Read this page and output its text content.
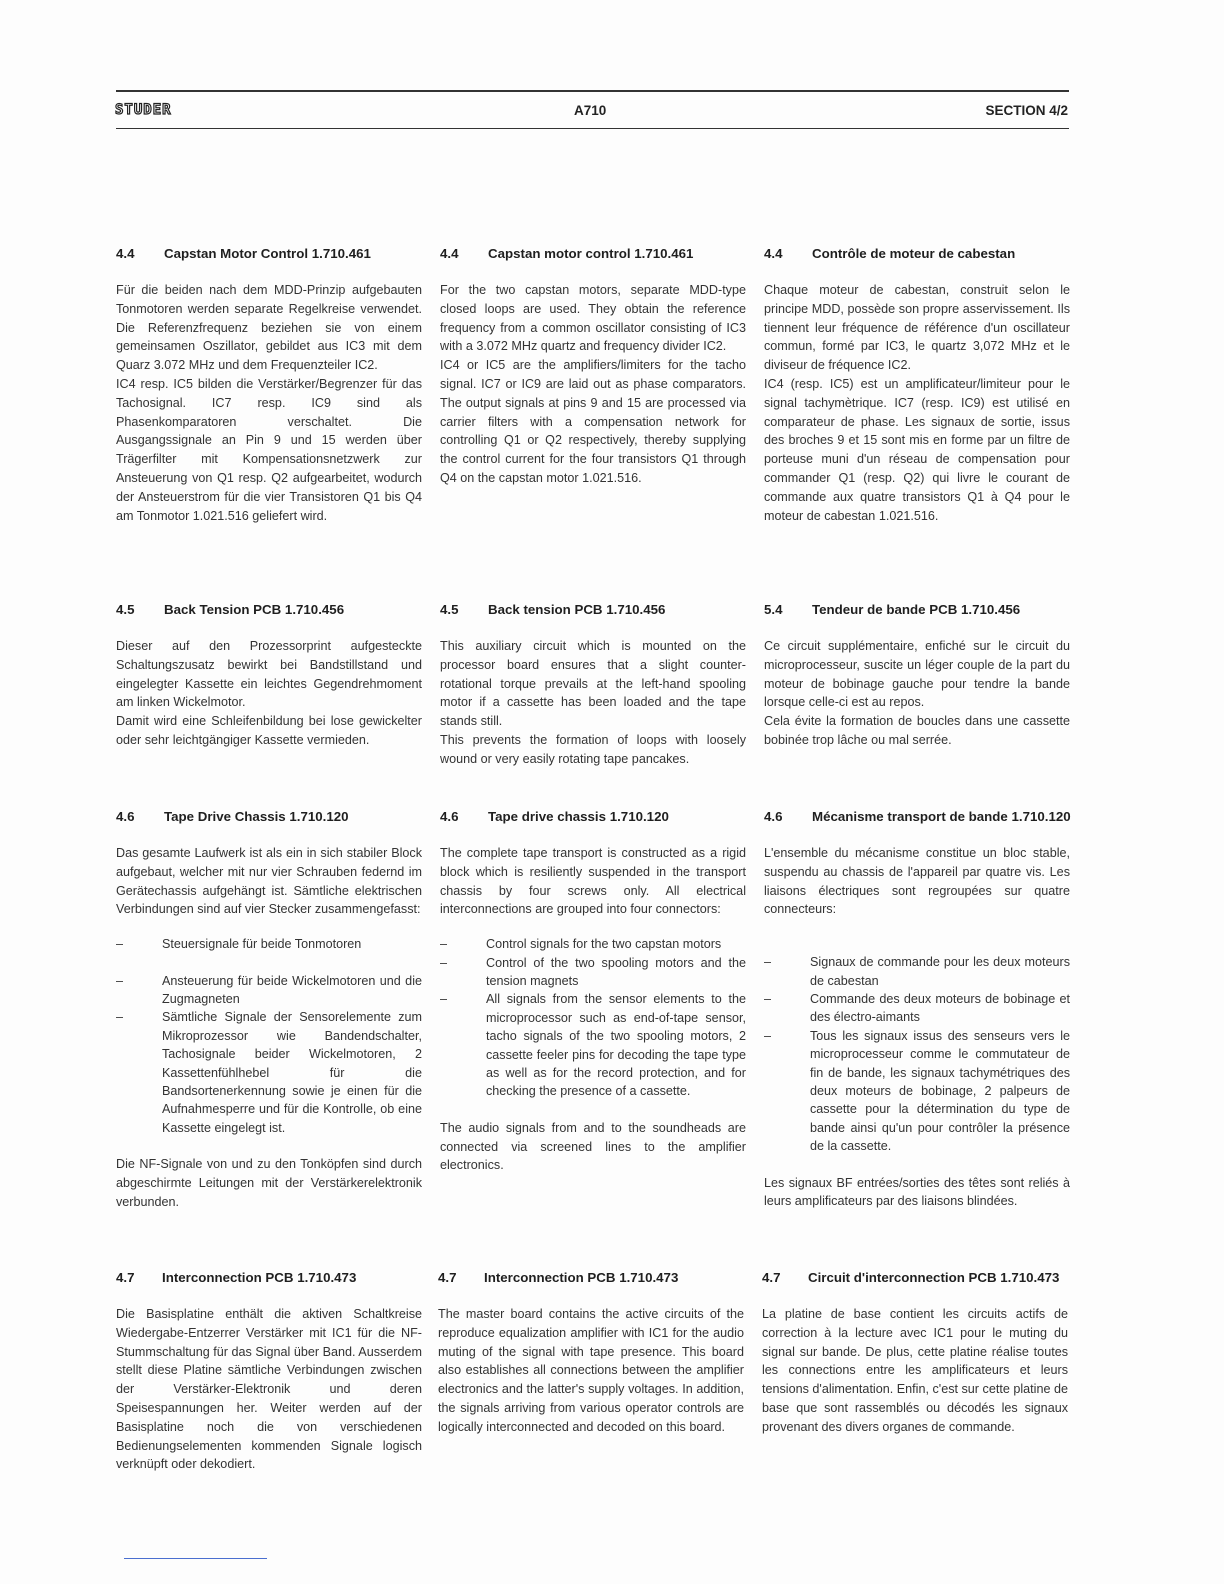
STUDER	A710	SECTION 4/2
4.4 Capstan Motor Control 1.710.461

Für die beiden nach dem MDD-Prinzip aufgebauten Tonmotoren werden separate Regelkreise verwendet. Die Referenzfrequenz beziehen sie von einem gemeinsamen Oszillator, gebildet aus IC3 mit dem Quarz 3.072 MHz und dem Frequenzteiler IC2.

IC4 resp. IC5 bilden die Verstärker/Begrenzer für das Tachosignal. IC7 resp. IC9 sind als Phasenkomparatoren verschaltet. Die Ausgangssignale an Pin 9 und 15 werden über Trägerfilter mit Kompensationsnetzwerk zur Ansteuerung von Q1 resp. Q2 aufgearbeitet, wodurch der Ansteuerstrom für die vier Transistoren Q1 bis Q4 am Tonmotor 1.021.516 geliefert wird.

4.4 Capstan motor control 1.710.461

For the two capstan motors, separate MDD-type closed loops are used. They obtain the reference frequency from a common oscillator consisting of IC3 with a 3.072 MHz quartz and frequency divider IC2.

IC4 or IC5 are the amplifiers/limiters for the tacho signal. IC7 or IC9 are laid out as phase comparators. The output signals at pins 9 and 15 are processed via carrier filters with a compensation network for controlling Q1 or Q2 respectively, thereby supplying the control current for the four transistors Q1 through Q4 on the capstan motor 1.021.516.

4.4 Contrôle de moteur de cabestan

Chaque moteur de cabestan, construit selon le principe MDD, possède son propre asservissement. Ils tiennent leur fréquence de référence d'un oscillateur commun, formé par IC3, le quartz 3,072 MHz et le diviseur de fréquence IC2.

IC4 (resp. IC5) est un amplificateur/limiteur pour le signal tachymètrique. IC7 (resp. IC9) est utilisé en comparateur de phase. Les signaux de sortie, issus des broches 9 et 15 sont mis en forme par un filtre de porteuse muni d'un réseau de compensation pour commander Q1 (resp. Q2) qui livre le courant de commande aux quatre transistors Q1 à Q4 pour le moteur de cabestan 1.021.516.

4.5 Back Tension PCB 1.710.456

Dieser auf den Prozessorprint aufgesteckte Schaltungszusatz bewirkt bei Bandstillstand und eingelegter Kassette ein leichtes Gegendrehmoment am linken Wickelmotor.

Damit wird eine Schleifenbildung bei lose gewickelter oder sehr leichtgängiger Kassette vermieden.

4.5 Back tension PCB 1.710.456

This auxiliary circuit which is mounted on the processor board ensures that a slight counter-rotational torque prevails at the left-hand spooling motor if a cassette has been loaded and the tape stands still.

This prevents the formation of loops with loosely wound or very easily rotating tape pancakes.

5.4 Tendeur de bande PCB 1.710.456

Ce circuit supplémentaire, enfiché sur le circuit du microprocesseur, suscite un léger couple de la part du moteur de bobinage gauche pour tendre la bande lorsque celle-ci est au repos.

Cela évite la formation de boucles dans une cassette bobinée trop lâche ou mal serrée.

4.6 Tape Drive Chassis 1.710.120

Das gesamte Laufwerk ist als ein in sich stabiler Block aufgebaut, welcher mit nur vier Schrauben federnd im Gerätechassis aufgehängt ist. Sämtliche elektrischen Verbindungen sind auf vier Stecker zusammengefasst:

–	Steuersignale für beide Tonmotoren
–	Ansteuerung für beide Wickelmotoren und die Zugmagneten
–	Sämtliche Signale der Sensorelemente zum Mikroprozessor wie Bandendschalter, Tachosignale beider Wickelmotoren, 2 Kassettenfühlhebel für die Bandsortenerkennung sowie je einen für die Aufnahmesperre und für die Kontrolle, ob eine Kassette eingelegt ist.

Die NF-Signale von und zu den Tonköpfen sind durch abgeschirmte Leitungen mit der Verstärkerelektronik verbunden.

4.6 Tape drive chassis 1.710.120

The complete tape transport is constructed as a rigid block which is resiliently suspended in the transport chassis by four screws only. All electrical interconnections are grouped into four connectors:

–	Control signals for the two capstan motors
–	Control of the two spooling motors and the tension magnets
–	All signals from the sensor elements to the microprocessor such as end-of-tape sensor, tacho signals of the two spooling motors, 2 cassette feeler pins for decoding the tape type as well as for the record protection, and for checking the presence of a cassette.

The audio signals from and to the soundheads are connected via screened lines to the amplifier electronics.

4.6 Mécanisme transport de bande 1.710.120

L'ensemble du mécanisme constitue un bloc stable, suspendu au chassis de l'appareil par quatre vis. Les liaisons électriques sont regroupées sur quatre connecteurs:

–	Signaux de commande pour les deux moteurs de cabestan
–	Commande des deux moteurs de bobinage et des électro-aimants
–	Tous les signaux issus des senseurs vers le microprocesseur comme le commutateur de fin de bande, les signaux tachymétriques des deux moteurs de bobinage, 2 palpeurs de cassette pour la détermination du type de bande ainsi qu'un pour contrôler la présence de la cassette.

Les signaux BF entrées/sorties des têtes sont reliés à leurs amplificateurs par des liaisons blindées.

4.7 Interconnection PCB 1.710.473

Die Basisplatine enthält die aktiven Schaltkreise Wiedergabe-Entzerrer Verstärker mit IC1 für die NF-Stummschaltung für das Signal über Band. Ausserdem stellt diese Platine sämtliche Verbindungen zwischen der Verstärker-Elektronik und deren Speisespannungen her. Weiter werden auf der Basisplatine noch die von verschiedenen Bedienungselementen kommenden Signale logisch verknüpft oder dekodiert.

4.7 Interconnection PCB 1.710.473

The master board contains the active circuits of the reproduce equalization amplifier with IC1 for the audio muting of the signal with tape presence. This board also establishes all connections between the amplifier electronics and the latter's supply voltages. In addition, the signals arriving from various operator controls are logically interconnected and decoded on this board.

4.7 Circuit d'interconnection PCB 1.710.473

La platine de base contient les circuits actifs de correction à la lecture avec IC1 pour le muting du signal sur bande. De plus, cette platine réalise toutes les connections entre les amplificateurs et leurs tensions d'alimentation. Enfin, c'est sur cette platine de base que sont rassemblés ou décodés les signaux provenant des divers organes de commande.
